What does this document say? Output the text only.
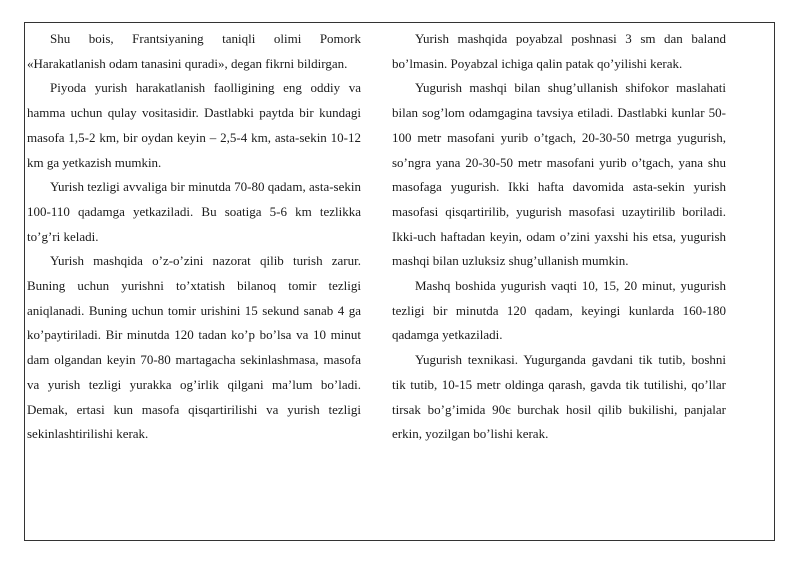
Shu bois, Frantsiyaning taniqli olimi Pomork «Harakatlanish odam tanasini quradi», degan fikrni bildirgan.

Piyoda yurish harakatlanish faolligining eng oddiy va hamma uchun qulay vositasidir. Dastlabki paytda bir kundagi masofa 1,5-2 km, bir oydan keyin – 2,5-4 km, asta-sekin 10-12 km ga yetkazish mumkin.

Yurish tezligi avvaliga bir minutda 70-80 qadam, asta-sekin 100-110 qadamga yetkaziladi. Bu soatiga 5-6 km tezlikka to’g’ri keladi.

Yurish mashqida o’z-o’zini nazorat qilib turish zarur. Buning uchun yurishni to’xtatish bilanoq tomir tezligi aniqlanadi. Buning uchun tomir urishini 15 sekund sanab 4 ga ko’paytiriladi. Bir minutda 120 tadan ko’p bo’lsa va 10 minut dam olgandan keyin 70-80 martagacha sekinlashmasa, masofa va yurish tezligi yurakka og’irlik qilgani ma’lum bo’ladi. Demak, ertasi kun masofa qisqartirilishi va yurish tezligi sekinlashtirilishi kerak.

Yurish mashqida poyabzal poshnasi 3 sm dan baland bo’lmasin. Poyabzal ichiga qalin patak qo’yilishi kerak.

Yugurish mashqi bilan shug’ullanish shifokor maslahati bilan sog’lom odamgagina tavsiya etiladi. Dastlabki kunlar 50-100 metr masofani yurib o’tgach, 20-30-50 metrga yugurish, so’ngra yana 20-30-50 metr masofani yurib o’tgach, yana shu masofaga yugurish. Ikki hafta davomida asta-sekin yurish masofasi qisqartirilib, yugurish masofasi uzaytirilib boriladi. Ikki-uch haftadan keyin, odam o’zini yaxshi his etsa, yugurish mashqi bilan uzluksiz shug’ullanish mumkin.

Mashq boshida yugurish vaqti 10, 15, 20 minut, yugurish tezligi bir minutda 120 qadam, keyingi kunlarda 160-180 qadamga yetkaziladi.

Yugurish texnikasi. Yugurganda gavdani tik tutib, boshni tik tutib, 10-15 metr oldinga qarash, gavda tik tutilishi, qo’llar tirsak bo’g’imida 90є burchak hosil qilib bukilishi, panjalar erkin, yozilgan bo’lishi kerak.
